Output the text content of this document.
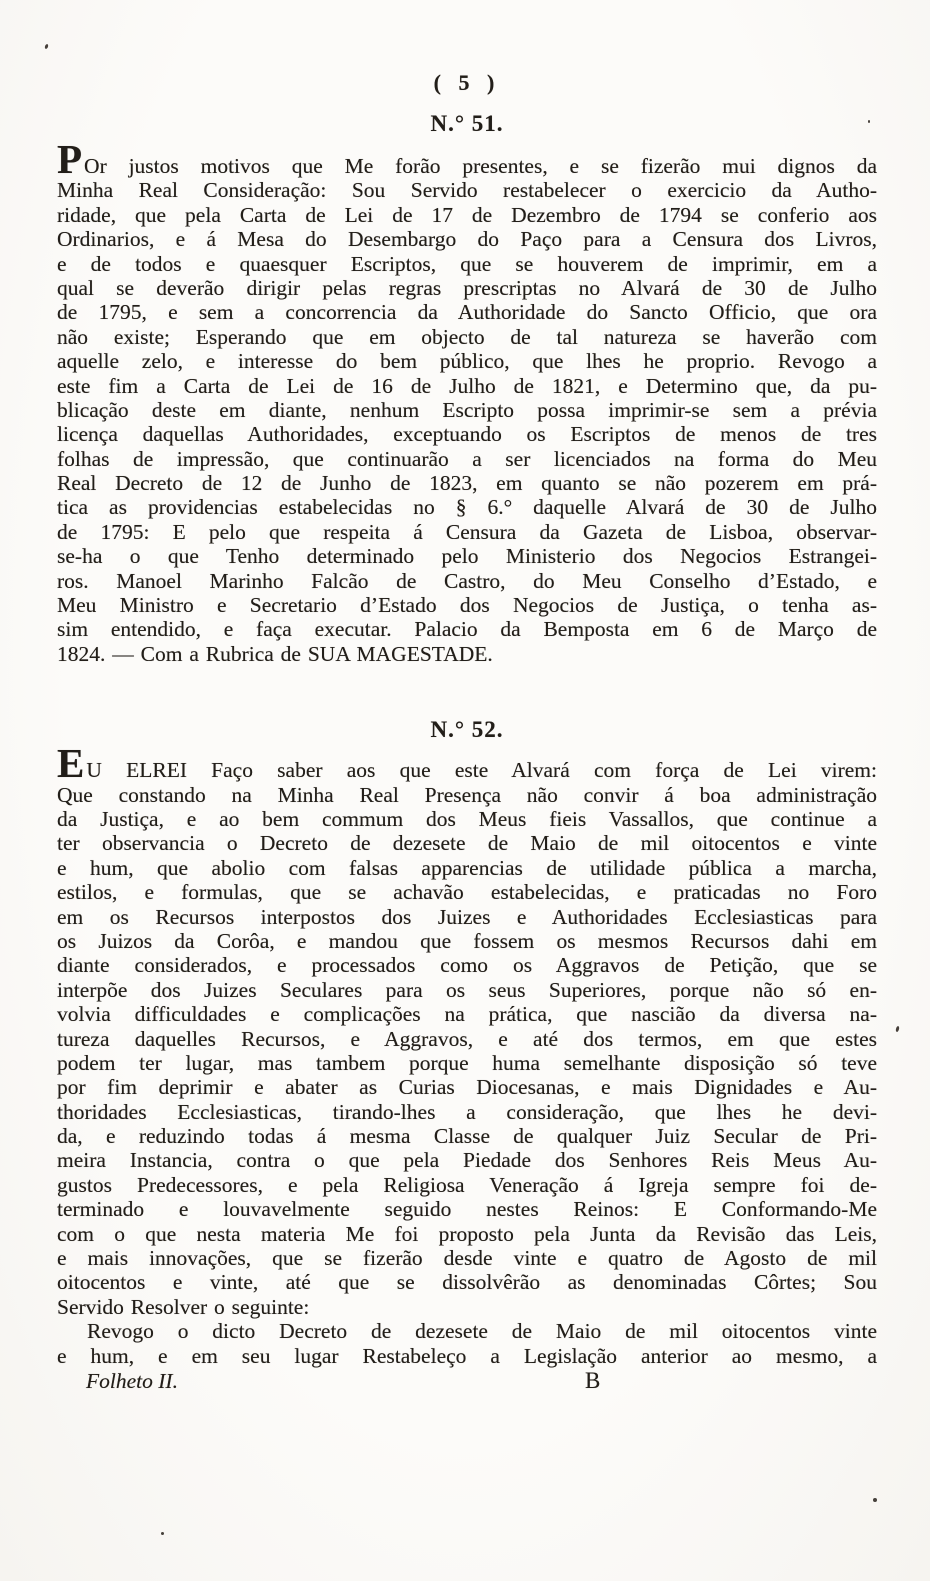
( 5 )
N.° 51.
POr justos motivos que Me forão presentes, e se fizerão mui dignos da
Minha Real Consideração: Sou Servido restabelecer o exercicio da Autho-
ridade, que pela Carta de Lei de 17 de Dezembro de 1794 se conferio aos
Ordinarios, e á Mesa do Desembargo do Paço para a Censura dos Livros,
e de todos e quaesquer Escriptos, que se houverem de imprimir, em a
qual se deverão dirigir pelas regras prescriptas no Alvará de 30 de Julho
de 1795, e sem a concorrencia da Authoridade do Sancto Officio, que ora
não existe; Esperando que em objecto de tal natureza se haverão com
aquelle zelo, e interesse do bem público, que lhes he proprio. Revogo a
este fim a Carta de Lei de 16 de Julho de 1821, e Determino que, da pu-
blicação deste em diante, nenhum Escripto possa imprimir-se sem a prévia
licença daquellas Authoridades, exceptuando os Escriptos de menos de tres
folhas de impressão, que continuarão a ser licenciados na forma do Meu
Real Decreto de 12 de Junho de 1823, em quanto se não pozerem em prá-
tica as providencias estabelecidas no § 6.° daquelle Alvará de 30 de Julho
de 1795: E pelo que respeita á Censura da Gazeta de Lisboa, observar-
se-ha o que Tenho determinado pelo Ministerio dos Negocios Estrangei-
ros. Manoel Marinho Falcão de Castro, do Meu Conselho d’Estado, e
Meu Ministro e Secretario d’Estado dos Negocios de Justiça, o tenha as-
sim entendido, e faça executar. Palacio da Bemposta em 6 de Março de
1824. — Com a Rubrica de SUA MAGESTADE.
N.° 52.
EU ELREI Faço saber aos que este Alvará com força de Lei virem:
Que constando na Minha Real Presença não convir á boa administração
da Justiça, e ao bem commum dos Meus fieis Vassallos, que continue a
ter observancia o Decreto de dezesete de Maio de mil oitocentos e vinte
e hum, que abolio com falsas apparencias de utilidade pública a marcha,
estilos, e formulas, que se achavão estabelecidas, e praticadas no Foro
em os Recursos interpostos dos Juizes e Authoridades Ecclesiasticas para
os Juizos da Corôa, e mandou que fossem os mesmos Recursos dahi em
diante considerados, e processados como os Aggravos de Petição, que se
interpõe dos Juizes Seculares para os seus Superiores, porque não só en-
volvia difficuldades e complicações na prática, que nascião da diversa na-
tureza daquelles Recursos, e Aggravos, e até dos termos, em que estes
podem ter lugar, mas tambem porque huma semelhante disposição só teve
por fim deprimir e abater as Curias Diocesanas, e mais Dignidades e Au-
thoridades Ecclesiasticas, tirando-lhes a consideração, que lhes he devi-
da, e reduzindo todas á mesma Classe de qualquer Juiz Secular de Pri-
meira Instancia, contra o que pela Piedade dos Senhores Reis Meus Au-
gustos Predecessores, e pela Religiosa Veneração á Igreja sempre foi de-
terminado e louvavelmente seguido nestes Reinos: E Conformando-Me
com o que nesta materia Me foi proposto pela Junta da Revisão das Leis,
e mais innovações, que se fizerão desde vinte e quatro de Agosto de mil
oitocentos e vinte, até que se dissolvêrão as denominadas Côrtes; Sou
Servido Resolver o seguinte:
Revogo o dicto Decreto de dezesete de Maio de mil oitocentos vinte
e hum, e em seu lugar Restabeleço a Legislação anterior ao mesmo, a
Folheto II.	B
